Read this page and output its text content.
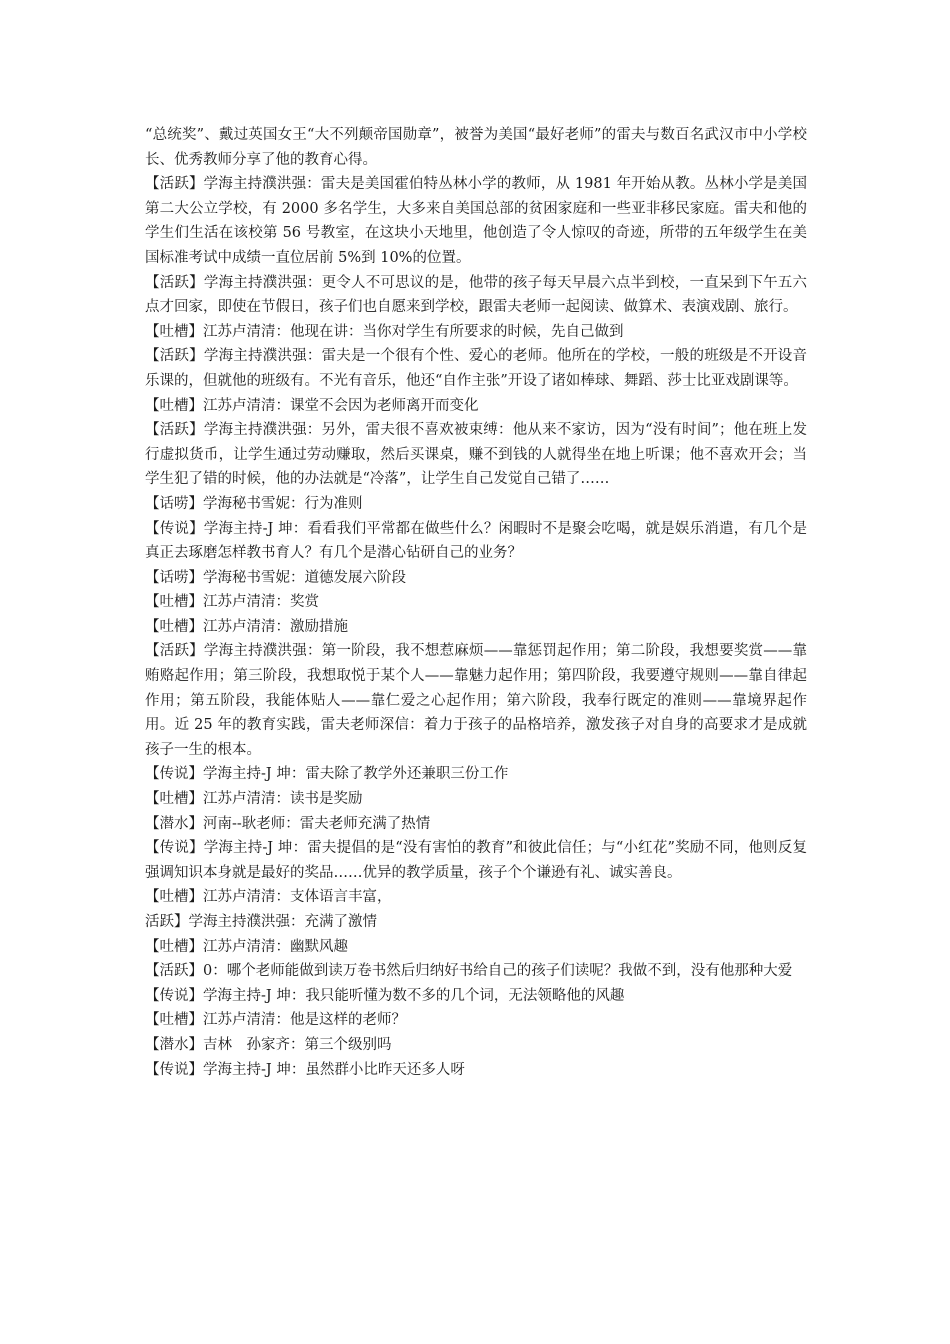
“总统奖”、戴过英国女王“大不列颠帝国勋章”，被誉为美国“最好老师”的雷夫与数百名武汉市中小学校长、优秀教师分享了他的教育心得。

【活跃】学海主持濮洪强：雷夫是美国霍伯特丛林小学的教师，从 1981 年开始从教。丛林小学是美国第二大公立学校，有 2000 多名学生，大多来自美国总部的贫困家庭和一些亚非移民家庭。雷夫和他的学生们生活在该校第 56 号教室，在这块小天地里，他创造了令人惊叹的奇迹，所带的五年级学生在美国标准考试中成绩一直位居前 5%到 10%的位置。

【活跃】学海主持濮洪强：更令人不可思议的是，他带的孩子每天早晨六点半到校，一直呆到下午五六点才回家，即使在节假日，孩子们也自愿来到学校，跟雷夫老师一起阅读、做算术、表演戏剧、旅行。

【吐槽】江苏卢清清：他现在讲：当你对学生有所要求的时候，先自己做到

【活跃】学海主持濮洪强：雷夫是一个很有个性、爱心的老师。他所在的学校，一般的班级是不开设音乐课的，但就他的班级有。不光有音乐，他还“自作主张”开设了诸如棒球、舞蹈、莎士比亚戏剧课等。

【吐槽】江苏卢清清：课堂不会因为老师离开而变化

【活跃】学海主持濮洪强：另外，雷夫很不喜欢被束缚：他从来不家访，因为“没有时间”；他在班上发行虚拟货币，让学生通过劳动赚取，然后买课桌，赚不到钱的人就得坐在地上听课；他不喜欢开会；当学生犯了错的时候，他的办法就是“冷落”，让学生自己发觉自己错了……

【话唠】学海秘书雪妮：行为准则

【传说】学海主持-J 坤：看看我们平常都在做些什么？闲暇时不是聚会吃喝，就是娱乐消遣，有几个是真正去琢磨怎样教书育人？有几个是潜心钻研自己的业务？

【话唠】学海秘书雪妮：道德发展六阶段

【吐槽】江苏卢清清：奖赏

【吐槽】江苏卢清清：激励措施

【活跃】学海主持濮洪强：第一阶段，我不想惹麻烦——靠惩罚起作用；第二阶段，我想要奖赏——靠贿赂起作用；第三阶段，我想取悦于某个人——靠魅力起作用；第四阶段，我要遵守规则——靠自律起作用；第五阶段，我能体贴人——靠仁爱之心起作用；第六阶段，我奉行既定的准则——靠境界起作用。近 25 年的教育实践，雷夫老师深信：着力于孩子的品格培养，激发孩子对自身的高要求才是成就孩子一生的根本。

【传说】学海主持-J 坤：雷夫除了教学外还兼职三份工作

【吐槽】江苏卢清清：读书是奖励

【潜水】河南--耿老师：雷夫老师充满了热情

【传说】学海主持-J 坤：雷夫提倡的是“没有害怕的教育”和彼此信任；与“小红花”奖励不同，他则反复强调知识本身就是最好的奖品……优异的教学质量，孩子个个谦逊有礼、诚实善良。

【吐槽】江苏卢清清：支体语言丰富，

活跃】学海主持濮洪强：充满了激情

【吐槽】江苏卢清清：幽默风趣

【活跃】0：哪个老师能做到读万卷书然后归纳好书给自己的孩子们读呢？我做不到，没有他那种大爱

【传说】学海主持-J 坤：我只能听懂为数不多的几个词，无法领略他的风趣

【吐槽】江苏卢清清：他是这样的老师？

【潜水】吉林　孙家齐：第三个级别吗

【传说】学海主持-J 坤：虽然群小比昨天还多人呀
